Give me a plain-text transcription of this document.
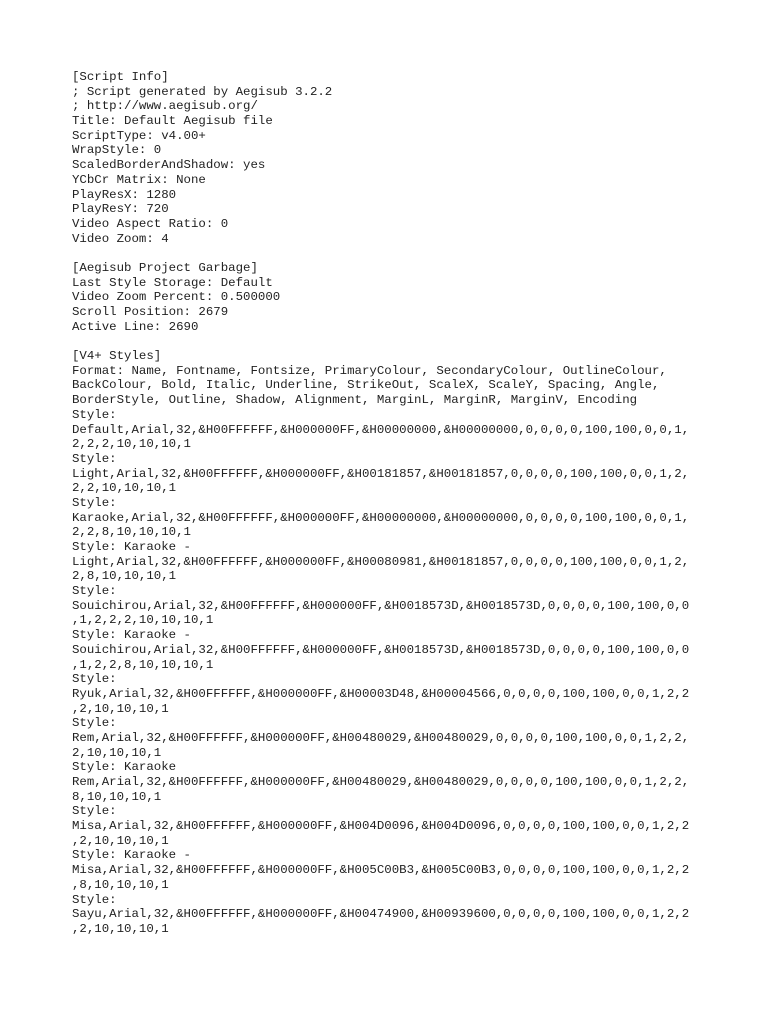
[Script Info]
; Script generated by Aegisub 3.2.2
; http://www.aegisub.org/
Title: Default Aegisub file
ScriptType: v4.00+
WrapStyle: 0
ScaledBorderAndShadow: yes
YCbCr Matrix: None
PlayResX: 1280
PlayResY: 720
Video Aspect Ratio: 0
Video Zoom: 4
[Aegisub Project Garbage]
Last Style Storage: Default
Video Zoom Percent: 0.500000
Scroll Position: 2679
Active Line: 2690
[V4+ Styles]
Format: Name, Fontname, Fontsize, PrimaryColour, SecondaryColour, OutlineColour,
BackColour, Bold, Italic, Underline, StrikeOut, ScaleX, ScaleY, Spacing, Angle,
BorderStyle, Outline, Shadow, Alignment, MarginL, MarginR, MarginV, Encoding
Style:
Default,Arial,32,&H00FFFFFF,&H000000FF,&H00000000,&H00000000,0,0,0,0,100,100,0,0,1,
2,2,2,10,10,10,1
Style:
Light,Arial,32,&H00FFFFFF,&H000000FF,&H00181857,&H00181857,0,0,0,0,100,100,0,0,1,2,
2,2,10,10,10,1
Style:
Karaoke,Arial,32,&H00FFFFFF,&H000000FF,&H00000000,&H00000000,0,0,0,0,100,100,0,0,1,
2,2,8,10,10,10,1
Style: Karaoke -
Light,Arial,32,&H00FFFFFF,&H000000FF,&H00080981,&H00181857,0,0,0,0,100,100,0,0,1,2,
2,8,10,10,10,1
Style:
Souichirou,Arial,32,&H00FFFFFF,&H000000FF,&H0018573D,&H0018573D,0,0,0,0,100,100,0,0
,1,2,2,2,10,10,10,1
Style: Karaoke -
Souichirou,Arial,32,&H00FFFFFF,&H000000FF,&H0018573D,&H0018573D,0,0,0,0,100,100,0,0
,1,2,2,8,10,10,10,1
Style:
Ryuk,Arial,32,&H00FFFFFF,&H000000FF,&H00003D48,&H00004566,0,0,0,0,100,100,0,0,1,2,2
,2,10,10,10,1
Style:
Rem,Arial,32,&H00FFFFFF,&H000000FF,&H00480029,&H00480029,0,0,0,0,100,100,0,0,1,2,2,
2,10,10,10,1
Style: Karaoke
Rem,Arial,32,&H00FFFFFF,&H000000FF,&H00480029,&H00480029,0,0,0,0,100,100,0,0,1,2,2,
8,10,10,10,1
Style:
Misa,Arial,32,&H00FFFFFF,&H000000FF,&H004D0096,&H004D0096,0,0,0,0,100,100,0,0,1,2,2
,2,10,10,10,1
Style: Karaoke -
Misa,Arial,32,&H00FFFFFF,&H000000FF,&H005C00B3,&H005C00B3,0,0,0,0,100,100,0,0,1,2,2
,8,10,10,10,1
Style:
Sayu,Arial,32,&H00FFFFFF,&H000000FF,&H00474900,&H00939600,0,0,0,0,100,100,0,0,1,2,2
,2,10,10,10,1
